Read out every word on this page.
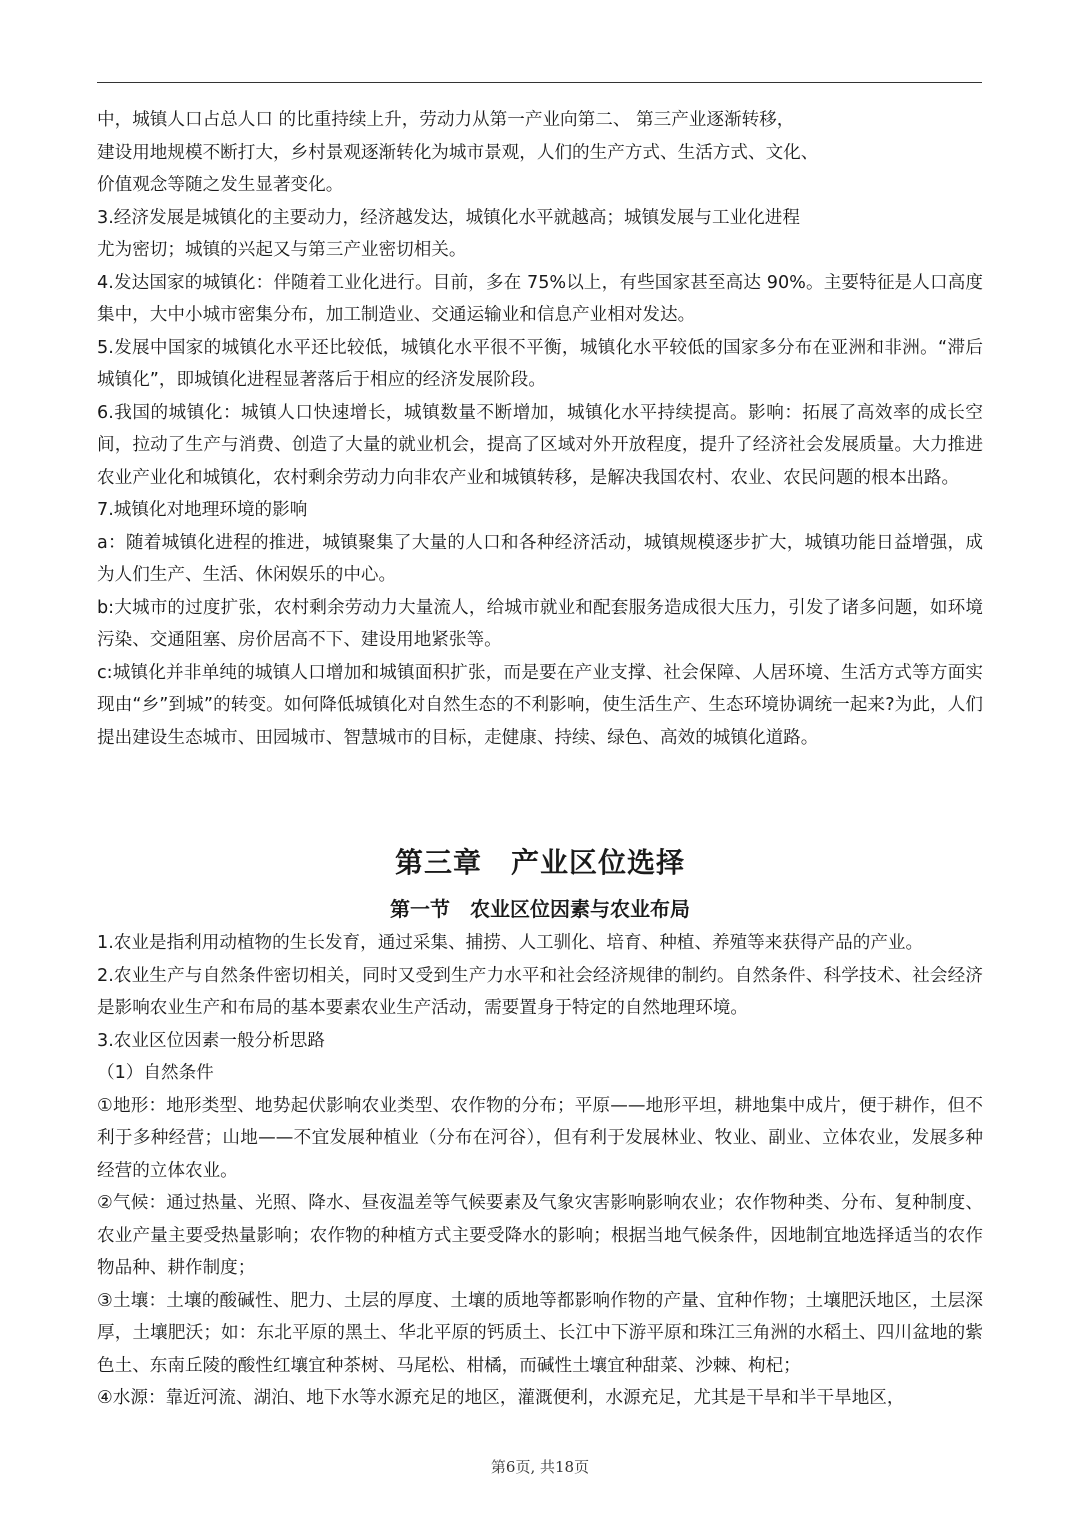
中，城镇人口占总人口 的比重持续上升，劳动力从第一产业向第二、 第三产业逐渐转移，

建设用地规模不断打大，乡村景观逐渐转化为城市景观，人们的生产方式、生活方式、文化、

价值观念等随之发生显著变化。

3.经济发展是城镇化的主要动力，经济越发达，城镇化水平就越高；城镇发展与工业化进程

尤为密切；城镇的兴起又与第三产业密切相关。

4.发达国家的城镇化：伴随着工业化进行。目前，多在 75%以上，有些国家甚至高达 90%。主要特征是人口高度集中，大中小城市密集分布，加工制造业、交通运输业和信息产业相对发达。

5.发展中国家的城镇化水平还比较低，城镇化水平很不平衡，城镇化水平较低的国家多分布在亚洲和非洲。“滞后城镇化”，即城镇化进程显著落后于相应的经济发展阶段。

6.我国的城镇化：城镇人口快速增长，城镇数量不断增加，城镇化水平持续提高。影响：拓展了高效率的成长空间，拉动了生产与消费、创造了大量的就业机会，提高了区域对外开放程度，提升了经济社会发展质量。大力推进农业产业化和城镇化，农村剩余劳动力向非农产业和城镇转移，是解决我国农村、农业、农民问题的根本出路。

7.城镇化对地理环境的影响

a：随着城镇化进程的推进，城镇聚集了大量的人口和各种经济活动，城镇规模逐步扩大，城镇功能日益增强，成为人们生产、生活、休闲娱乐的中心。

b:大城市的过度扩张，农村剩余劳动力大量流人，给城市就业和配套服务造成很大压力，引发了诸多问题，如环境污染、交通阻塞、房价居高不下、建设用地紧张等。

c:城镇化并非单纯的城镇人口增加和城镇面积扩张，而是要在产业支撑、社会保障、人居环境、生活方式等方面实现由“乡”到城”的转变。如何降低城镇化对自然生态的不利影响，使生活生产、生态环境协调统一起来?为此，人们提出建设生态城市、田园城市、智慧城市的目标，走健康、持续、绿色、高效的城镇化道路。

第三章　产业区位选择
第一节　农业区位因素与农业布局

1.农业是指利用动植物的生长发育，通过采集、捕捞、人工驯化、培育、种植、养殖等来获得产品的产业。

2.农业生产与自然条件密切相关，同时又受到生产力水平和社会经济规律的制约。自然条件、科学技术、社会经济是影响农业生产和布局的基本要素农业生产活动，需要置身于特定的自然地理环境。

3.农业区位因素一般分析思路

（1）自然条件

①地形：地形类型、地势起伏影响农业类型、农作物的分布；平原——地形平坦，耕地集中成片，便于耕作，但不利于多种经营；山地——不宜发展种植业（分布在河谷），但有利于发展林业、牧业、副业、立体农业，发展多种经营的立体农业。

②气候：通过热量、光照、降水、昼夜温差等气候要素及气象灾害影响影响农业；农作物种类、分布、复种制度、农业产量主要受热量影响；农作物的种植方式主要受降水的影响；根据当地气候条件，因地制宜地选择适当的农作物品种、耕作制度；

③土壤：土壤的酸碱性、肥力、土层的厚度、土壤的质地等都影响作物的产量、宜种作物；土壤肥沃地区，土层深厚，土壤肥沃；如：东北平原的黑土、华北平原的钙质土、长江中下游平原和珠江三角洲的水稻土、四川盆地的紫色土、东南丘陵的酸性红壤宜种茶树、马尾松、柑橘，而碱性土壤宜种甜菜、沙棘、枸杞；

④水源：靠近河流、湖泊、地下水等水源充足的地区，灌溉便利，水源充足，尤其是干旱和半干旱地区，

第6页, 共18页
